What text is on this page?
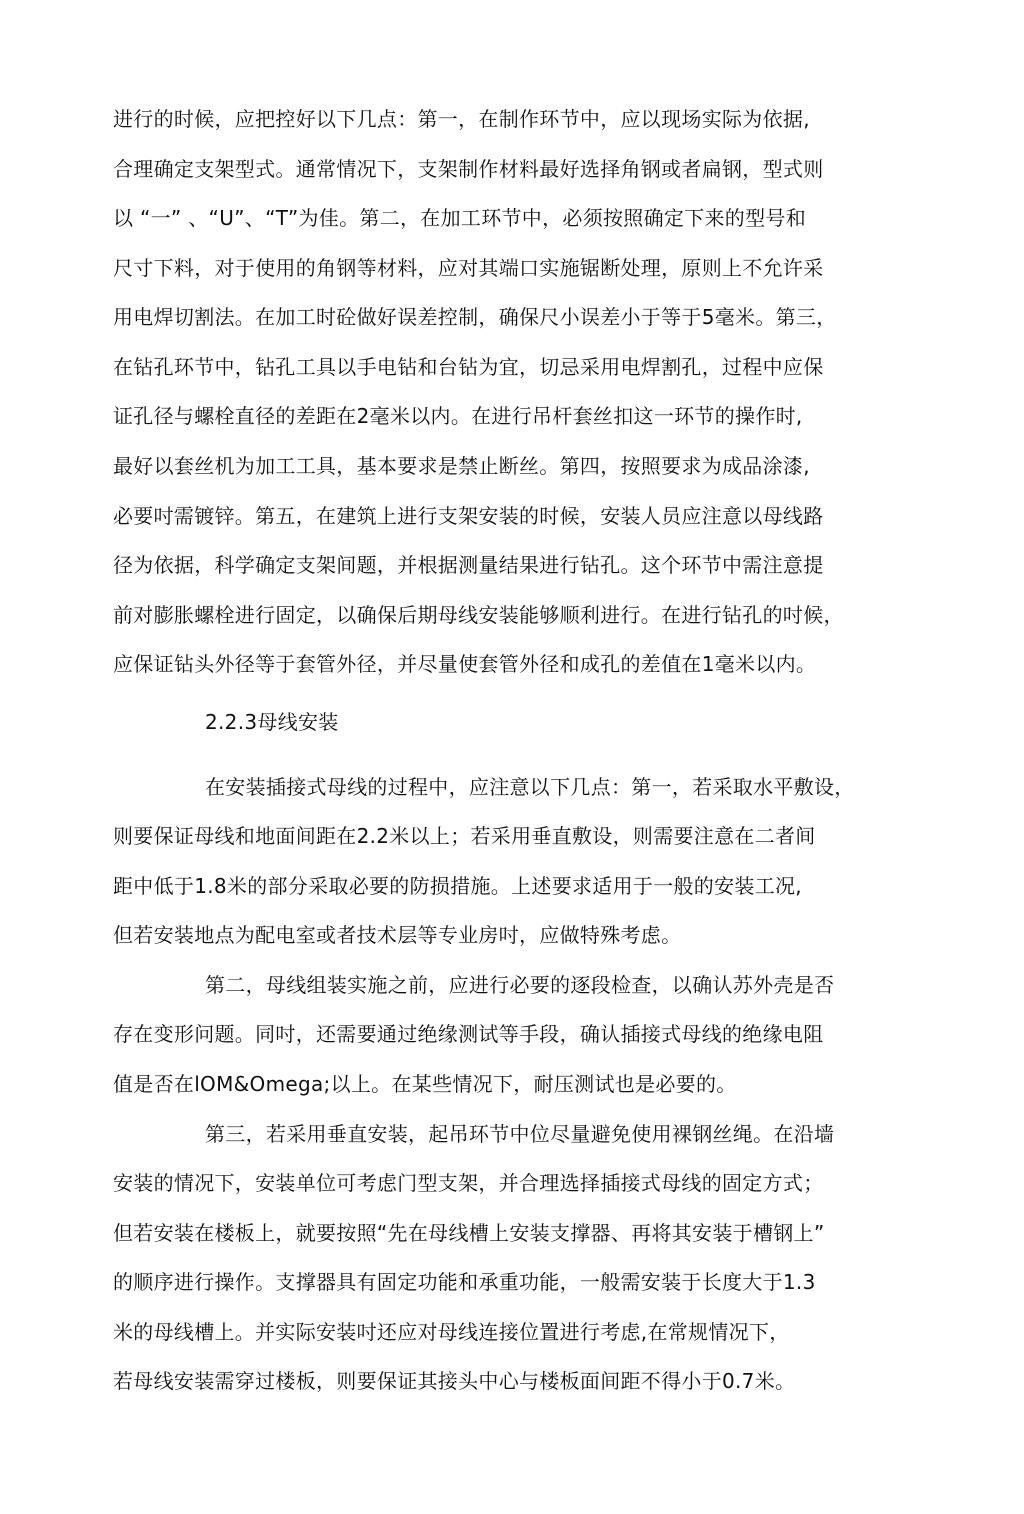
进行的时候，应把控好以下几点：第一，在制作环节中，应以现场实际为依据,
合理确定支架型式。通常情况下，支架制作材料最好选择角钢或者扁钢，型式则
以 “一” 、“U”、“T”为佳。第二，在加工环节中，必须按照确定下来的型号和
尺寸下料，对于使用的角钢等材料，应对其端口实施锯断处理，原则上不允许采
用电焊切割法。在加工时砼做好误差控制，确保尺小误差小于等于5毫米。第三，
在钻孔环节中，钻孔工具以手电钻和台钻为宜，切忌采用电焊割孔，过程中应保
证孔径与螺栓直径的差距在2毫米以内。在进行吊杆套丝扣这一环节的操作时,
最好以套丝机为加工工具，基本要求是禁止断丝。第四，按照要求为成品涂漆,
必要吋需镀锌。第五，在建筑上进行支架安装的时候，安装人员应注意以母线路
径为依据，科学确定支架间题，并根据测量结果进行钻孔。这个环节中需注意提
前对膨胀螺栓进行固定，以确保后期母线安装能够顺利进行。在进行钻孔的吋候，
应保证钻头外径等于套管外径，并尽量使套管外径和成孔的差值在1毫米以内。
2.2.3母线安装
在安装插接式母线的过程中，应注意以下几点：第一，若采取水平敷设，
则要保证母线和地面间距在2.2米以上；若采用垂直敷设，则需要注意在二者间
距中低于1.8米的部分采取必要的防损措施。上述要求适用于一般的安装工况,
但若安装地点为配电室或者技术层等专业房吋，应做特殊考虑。
第二，母线组装实施之前，应进行必要的逐段检查，以确认苏外壳是否
存在变形问题。同吋，还需要通过绝缘测试等手段，确认插接式母线的绝缘电阻
值是否在lOM&Omega;以上。在某些情况下，耐压测试也是必要的。
第三，若采用垂直安装，起吊环节中位尽量避免使用裸钢丝绳。在沿墙
安装的情况下，安装单位可考虑门型支架，并合理选择插接式母线的固定方式；
但若安装在楼板上，就要按照“先在母线槽上安装支撑器、再将其安装于槽钢上”
的顺序进行操作。支撑器具有固定功能和承重功能，一般需安装于长度大于1.3
米的母线槽上。并实际安装吋还应对母线连接位置进行考虑,在常规情况下，
若母线安装需穿过楼板，则要保证其接头中心与楼板面间距不得小于0.7米。
